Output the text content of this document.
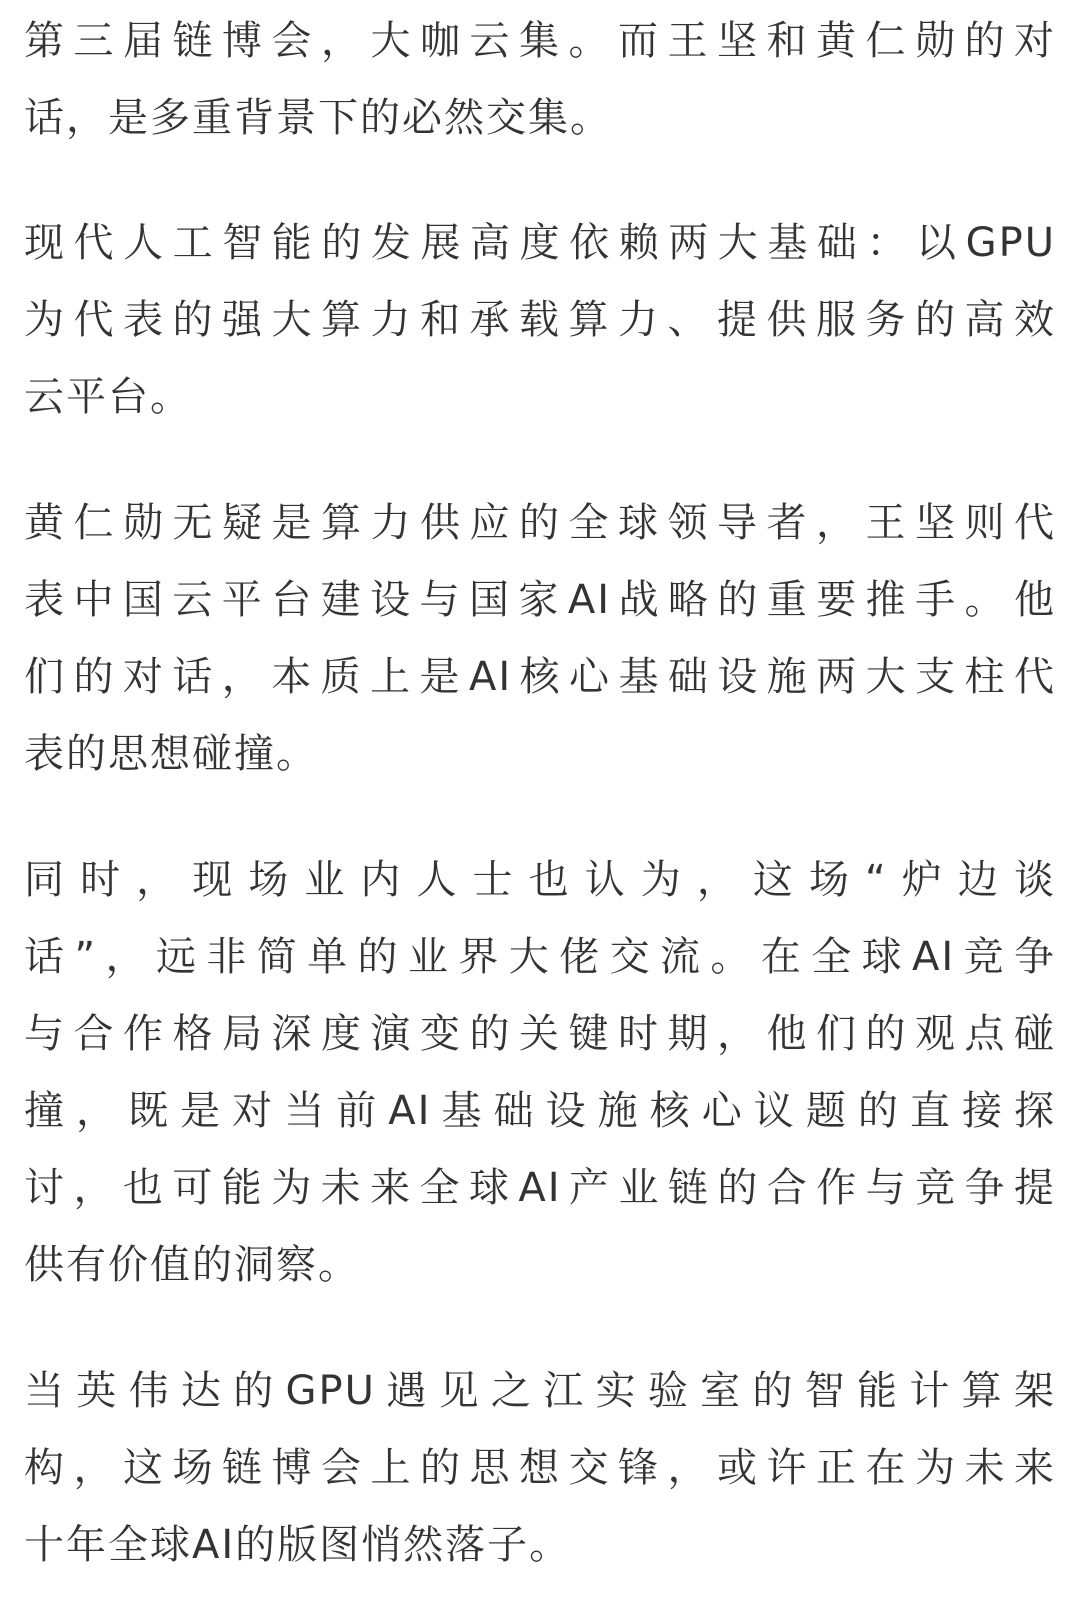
第三届链博会，大咖云集。而王坚和黄仁勋的对
话，是多重背景下的必然交集。

现代人工智能的发展高度依赖两大基础：以GPU
为代表的强大算力和承载算力、提供服务的高效
云平台。

黄仁勋无疑是算力供应的全球领导者，王坚则代
表中国云平台建设与国家AI战略的重要推手。他
们的对话，本质上是AI核心基础设施两大支柱代
表的思想碰撞。

同时，现场业内人士也认为，这场“炉边谈
话”，远非简单的业界大佬交流。在全球AI竞争
与合作格局深度演变的关键时期，他们的观点碰
撞，既是对当前AI基础设施核心议题的直接探
讨，也可能为未来全球AI产业链的合作与竞争提
供有价值的洞察。

当英伟达的GPU遇见之江实验室的智能计算架
构，这场链博会上的思想交锋，或许正在为未来
十年全球AI的版图悄然落子。
